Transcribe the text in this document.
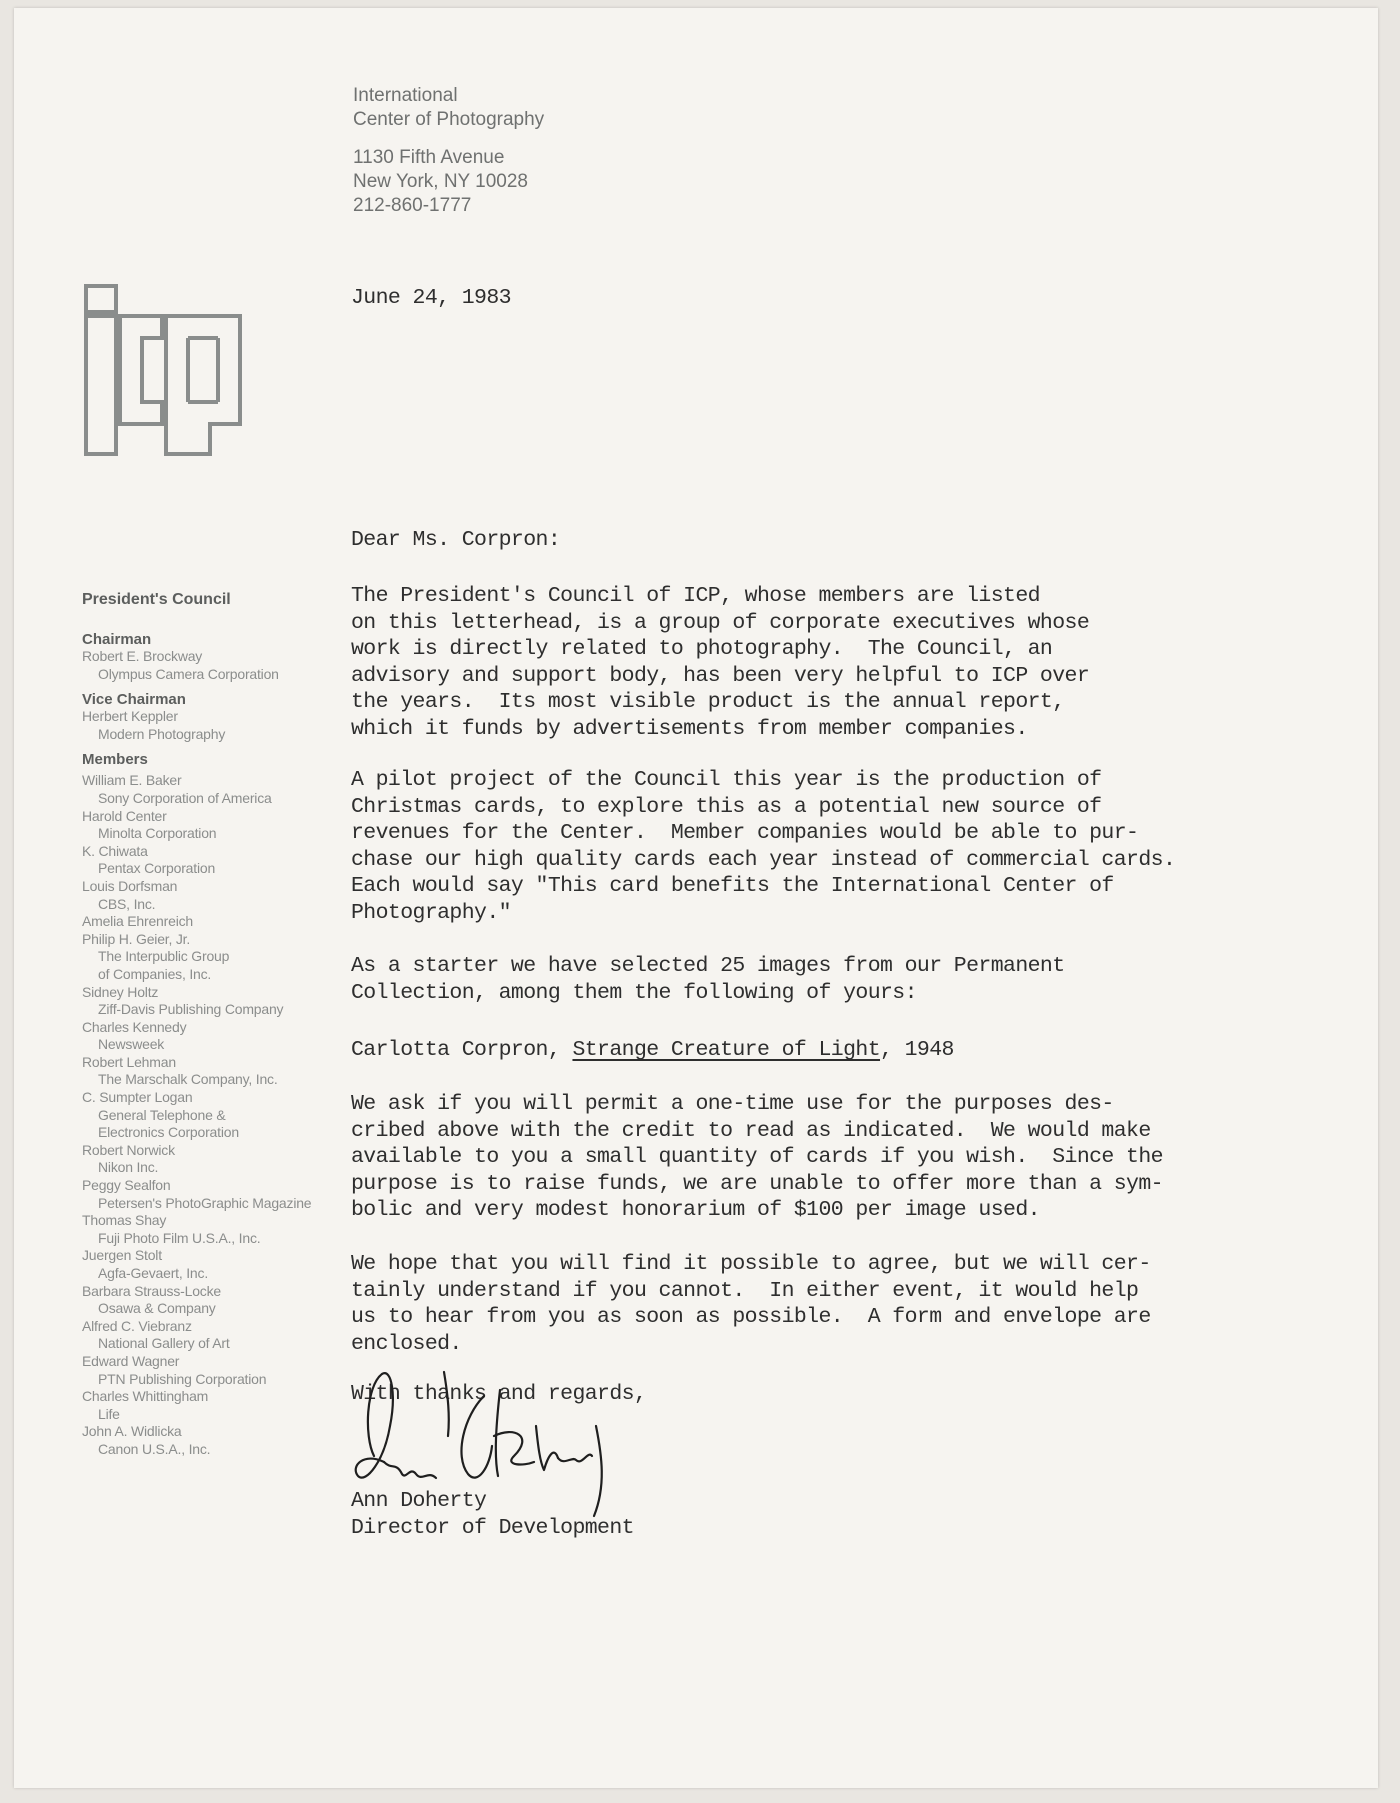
International
Center of Photography
1130 Fifth Avenue
New York, NY 10028
212-860-1777
President's Council
Chairman
Robert E. Brockway
Olympus Camera Corporation
Vice Chairman
Herbert Keppler
Modern Photography
Members
William E. Baker
Sony Corporation of America
Harold Center
Minolta Corporation
K. Chiwata
Pentax Corporation
Louis Dorfsman
CBS, Inc.
Amelia Ehrenreich
Philip H. Geier, Jr.
The Interpublic Group
of Companies, Inc.
Sidney Holtz
Ziff-Davis Publishing Company
Charles Kennedy
Newsweek
Robert Lehman
The Marschalk Company, Inc.
C. Sumpter Logan
General Telephone &
Electronics Corporation
Robert Norwick
Nikon Inc.
Peggy Sealfon
Petersen's PhotoGraphic Magazine
Thomas Shay
Fuji Photo Film U.S.A., Inc.
Juergen Stolt
Agfa-Gevaert, Inc.
Barbara Strauss-Locke
Osawa & Company
Alfred C. Viebranz
National Gallery of Art
Edward Wagner
PTN Publishing Corporation
Charles Whittingham
Life
John A. Widlicka
Canon U.S.A., Inc.
June 24, 1983
Dear Ms. Corpron:
The President's Council of ICP, whose members are listed
on this letterhead, is a group of corporate executives whose
work is directly related to photography.  The Council, an
advisory and support body, has been very helpful to ICP over
the years.  Its most visible product is the annual report,
which it funds by advertisements from member companies.
A pilot project of the Council this year is the production of
Christmas cards, to explore this as a potential new source of
revenues for the Center.  Member companies would be able to pur-
chase our high quality cards each year instead of commercial cards.
Each would say "This card benefits the International Center of
Photography."
As a starter we have selected 25 images from our Permanent
Collection, among them the following of yours:
Carlotta Corpron, Strange Creature of Light, 1948
We ask if you will permit a one-time use for the purposes des-
cribed above with the credit to read as indicated.  We would make
available to you a small quantity of cards if you wish.  Since the
purpose is to raise funds, we are unable to offer more than a sym-
bolic and very modest honorarium of $100 per image used.
We hope that you will find it possible to agree, but we will cer-
tainly understand if you cannot.  In either event, it would help
us to hear from you as soon as possible.  A form and envelope are
enclosed.
With thanks and regards,
Ann Doherty
Director of Development
